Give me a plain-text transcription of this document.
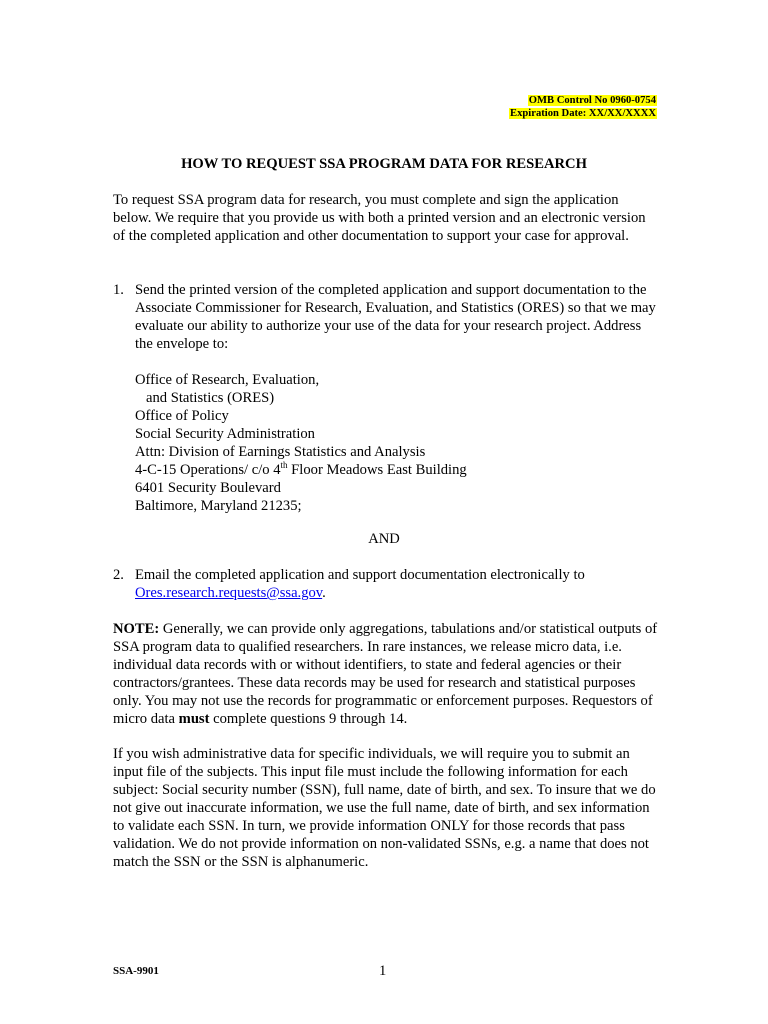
OMB Control No 0960-0754
Expiration Date: XX/XX/XXXX
HOW TO REQUEST SSA PROGRAM DATA FOR RESEARCH
To request SSA program data for research, you must complete and sign the application below. We require that you provide us with both a printed version and an electronic version of the completed application and other documentation to support your case for approval.
1. Send the printed version of the completed application and support documentation to the Associate Commissioner for Research, Evaluation, and Statistics (ORES) so that we may evaluate our ability to authorize your use of the data for your research project. Address the envelope to:
Office of Research, Evaluation,
and Statistics (ORES)
Office of Policy
Social Security Administration
Attn: Division of Earnings Statistics and Analysis
4-C-15 Operations/ c/o 4th Floor Meadows East Building
6401 Security Boulevard
Baltimore, Maryland 21235;
AND
2. Email the completed application and support documentation electronically to
Ores.research.requests@ssa.gov.
NOTE: Generally, we can provide only aggregations, tabulations and/or statistical outputs of SSA program data to qualified researchers. In rare instances, we release micro data, i.e. individual data records with or without identifiers, to state and federal agencies or their contractors/grantees. These data records may be used for research and statistical purposes only. You may not use the records for programmatic or enforcement purposes. Requestors of micro data must complete questions 9 through 14.
If you wish administrative data for specific individuals, we will require you to submit an input file of the subjects. This input file must include the following information for each subject: Social security number (SSN), full name, date of birth, and sex. To insure that we do not give out inaccurate information, we use the full name, date of birth, and sex information to validate each SSN. In turn, we provide information ONLY for those records that pass validation. We do not provide information on non-validated SSNs, e.g. a name that does not match the SSN or the SSN is alphanumeric.
SSA-9901	1
